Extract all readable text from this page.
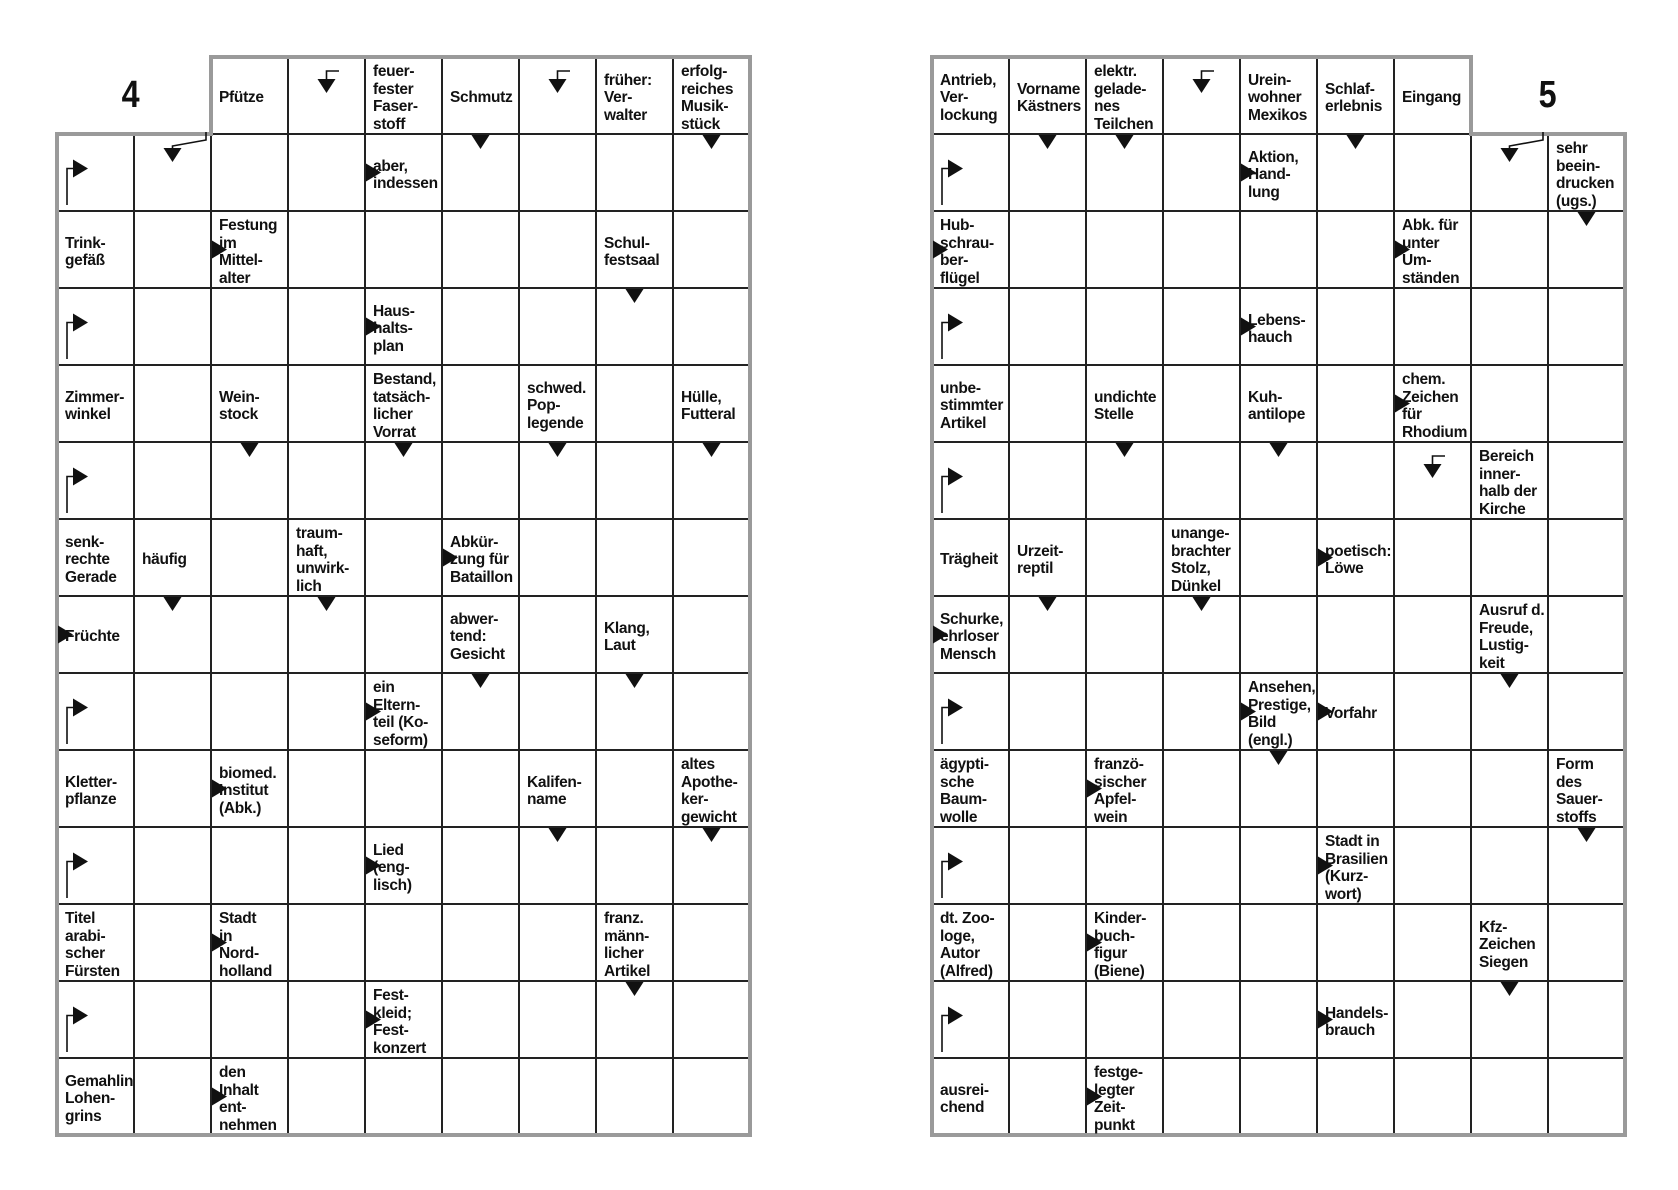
4	5
Pfütze
feuer-
fester
Faser-
stoff
Schmutz
früher:
Ver-
walter
erfolg-
reiches
Musik-
stück
aber,
indessen
Trink-
gefäß
Festung
im
Mittel-
alter
Schul-
festsaal
Haus-
halts-
plan
Zimmer-
winkel
Wein-
stock
Bestand,
tatsäch-
licher
Vorrat
schwed.
Pop-
legende
Hülle,
Futteral
senk-
rechte
Gerade
häufig
traum-
haft,
unwirk-
lich
Abkür-
zung für
Bataillon
Früchte
abwer-
tend:
Gesicht
Klang,
Laut
ein
Eltern-
teil (Ko-
seform)
Kletter-
pflanze
biomed.
Institut
(Abk.)
Kalifen-
name
altes
Apothe-
ker-
gewicht
Lied
(eng-
lisch)
Titel
arabi-
scher
Fürsten
Stadt
in
Nord-
holland
franz.
männ-
licher
Artikel
Fest-
kleid;
Fest-
konzert
Gemahlin
Lohen-
grins
den
Inhalt
ent-
nehmen
Antrieb,
Ver-
lockung
Vorname
Kästners
elektr.
gelade-
nes
Teilchen
Urein-
wohner
Mexikos
Schlaf-
erlebnis
Eingang
Aktion,
Hand-
lung
sehr
beein-
drucken
(ugs.)
Hub-
schrau-
ber-
flügel
Abk. für
unter
Um-
ständen
Lebens-
hauch
unbe-
stimmter
Artikel
undichte
Stelle
Kuh-
antilope
chem.
Zeichen
für
Rhodium
Bereich
inner-
halb der
Kirche
Trägheit
Urzeit-
reptil
unange-
brachter
Stolz,
Dünkel
poetisch:
Löwe
Schurke,
ehrloser
Mensch
Ausruf d.
Freude,
Lustig-
keit
Ansehen,
Prestige,
Bild
(engl.)
Vorfahr
ägypti-
sche
Baum-
wolle
franzö-
sischer
Apfel-
wein
Form
des
Sauer-
stoffs
Stadt in
Brasilien
(Kurz-
wort)
dt. Zoo-
loge,
Autor
(Alfred)
Kinder-
buch-
figur
(Biene)
Kfz-
Zeichen
Siegen
Handels-
brauch
ausrei-
chend
festge-
legter
Zeit-
punkt
